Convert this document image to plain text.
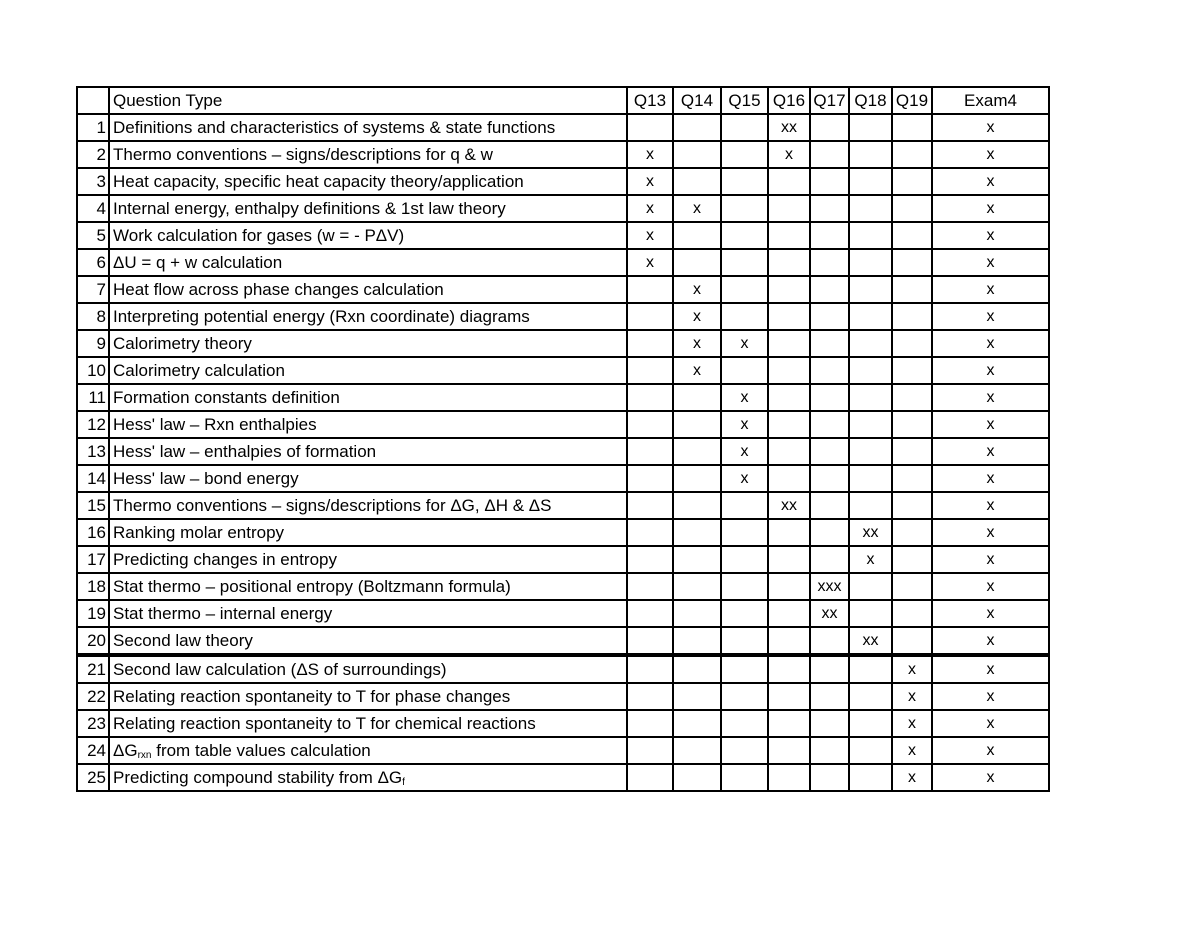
	Question Type	Q13	Q14	Q15	Q16	Q17	Q18	Q19	Exam4
1	Definitions and characteristics of systems & state functions				xx				x
2	Thermo conventions – signs/descriptions for q & w	x			x				x
3	Heat capacity, specific heat capacity theory/application	x							x
4	Internal energy, enthalpy definitions & 1st law theory	x	x						x
5	Work calculation for gases (w = - PΔV)	x							x
6	ΔU = q + w calculation	x							x
7	Heat flow across phase changes calculation		x						x
8	Interpreting potential energy (Rxn coordinate) diagrams		x						x
9	Calorimetry theory		x	x					x
10	Calorimetry calculation		x						x
11	Formation constants definition			x					x
12	Hess' law – Rxn enthalpies			x					x
13	Hess' law – enthalpies of formation			x					x
14	Hess' law – bond energy			x					x
15	Thermo conventions – signs/descriptions for ΔG, ΔH & ΔS				xx				x
16	Ranking molar entropy						xx		x
17	Predicting changes in entropy						x		x
18	Stat thermo – positional entropy (Boltzmann formula)					xxx			x
19	Stat thermo – internal energy					xx			x
20	Second law theory						xx		x
21	Second law calculation (ΔS of surroundings)							x	x
22	Relating reaction spontaneity to T for phase changes							x	x
23	Relating reaction spontaneity to T for chemical reactions							x	x
24	$\Delta G_{rxn}$ from table values calculation							x	x
25	Predicting compound stability from $\Delta G_f$							x	x
